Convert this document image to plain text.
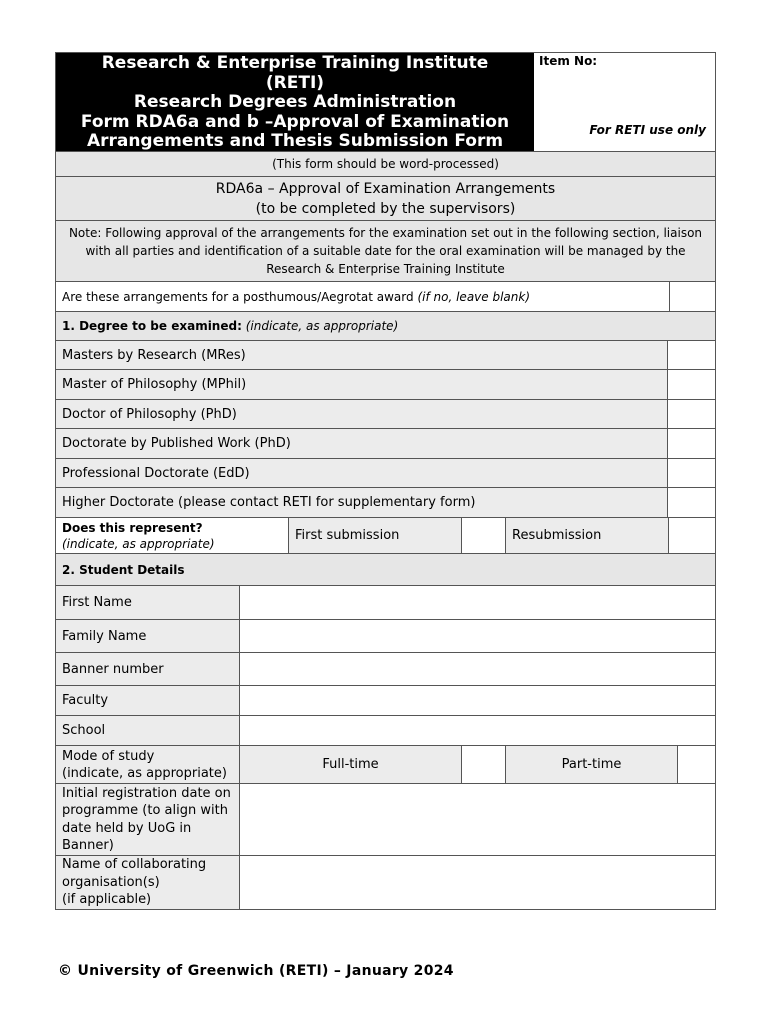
Research & Enterprise Training Institute
(RETI)
Research Degrees Administration
Form RDA6a and b –Approval of Examination
Arrangements and Thesis Submission Form
Item No:
For RETI use only
(This form should be word-processed)
RDA6a – Approval of Examination Arrangements
(to be completed by the supervisors)
Note: Following approval of the arrangements for the examination set out in the following section, liaison with all parties and identification of a suitable date for the oral examination will be managed by the Research & Enterprise Training Institute
Are these arrangements for a posthumous/Aegrotat award
(if no, leave blank)
1. Degree to be examined:
(indicate, as appropriate)
Masters by Research (MRes)
Master of Philosophy (MPhil)
Doctor of Philosophy (PhD)
Doctorate by Published Work (PhD)
Professional Doctorate (EdD)
Higher Doctorate (please contact RETI for supplementary form)
Does this represent?
(indicate, as appropriate)
First submission	Resubmission
2. Student Details
First Name
Family Name
Banner number
Faculty
School
Mode of study
(indicate, as appropriate)
Full-time	Part-time
Initial registration date on
programme (to align with
date held by UoG in
Banner)
Name of collaborating
organisation(s)
(if applicable)
© University of Greenwich (RETI) – January 2024
